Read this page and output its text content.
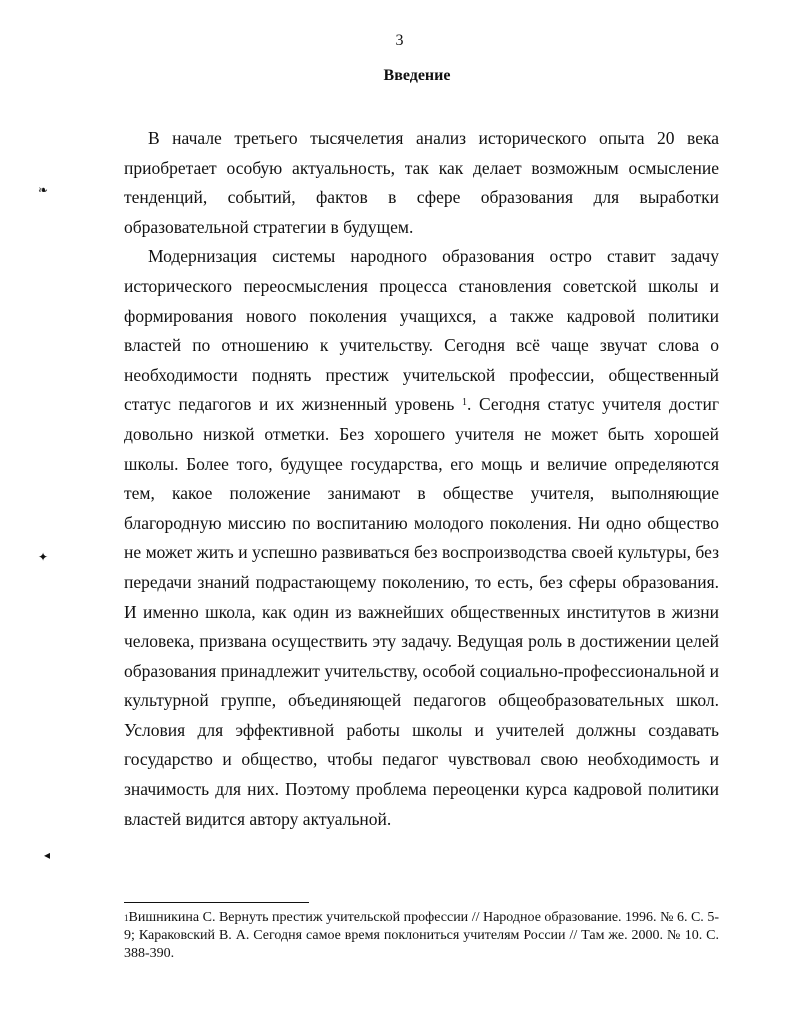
3
Введение

В начале третьего тысячелетия анализ исторического опыта 20 века приобретает особую актуальность, так как делает возможным осмысление тенденций, событий, фактов в сфере образования для выработки образовательной стратегии в будущем.

Модернизация системы народного образования остро ставит задачу исторического переосмысления процесса становления советской школы и формирования нового поколения учащихся, а также кадровой политики властей по отношению к учительству. Сегодня всё чаще звучат слова о необходимости поднять престиж учительской профессии, общественный статус педагогов и их жизненный уровень $^1$. Сегодня статус учителя достиг довольно низкой отметки. Без хорошего учителя не может быть хорошей школы. Более того, будущее государства, его мощь и величие определяются тем, какое положение занимают в обществе учителя, выполняющие благородную миссию по воспитанию молодого поколения. Ни одно общество не может жить и успешно развиваться без воспроизводства своей культуры, без передачи знаний подрастающему поколению, то есть, без сферы образования. И именно школа, как один из важнейших общественных институтов в жизни человека, призвана осуществить эту задачу. Ведущая роль в достижении целей образования принадлежит учительству, особой социально-профессиональной и культурной группе, объединяющей педагогов общеобразовательных школ. Условия для эффективной работы школы и учителей должны создавать государство и общество, чтобы педагог чувствовал свою необходимость и значимость для них. Поэтому проблема переоценки курса кадровой политики властей видится автору актуальной.

$^1$Вишникина С. Вернуть престиж учительской профессии // Народное образование. 1996. № 6. С. 5-9; Караковский В. А. Сегодня самое время поклониться учителям России // Там же. 2000. № 10. С. 388-390.
❧
✦
◂
